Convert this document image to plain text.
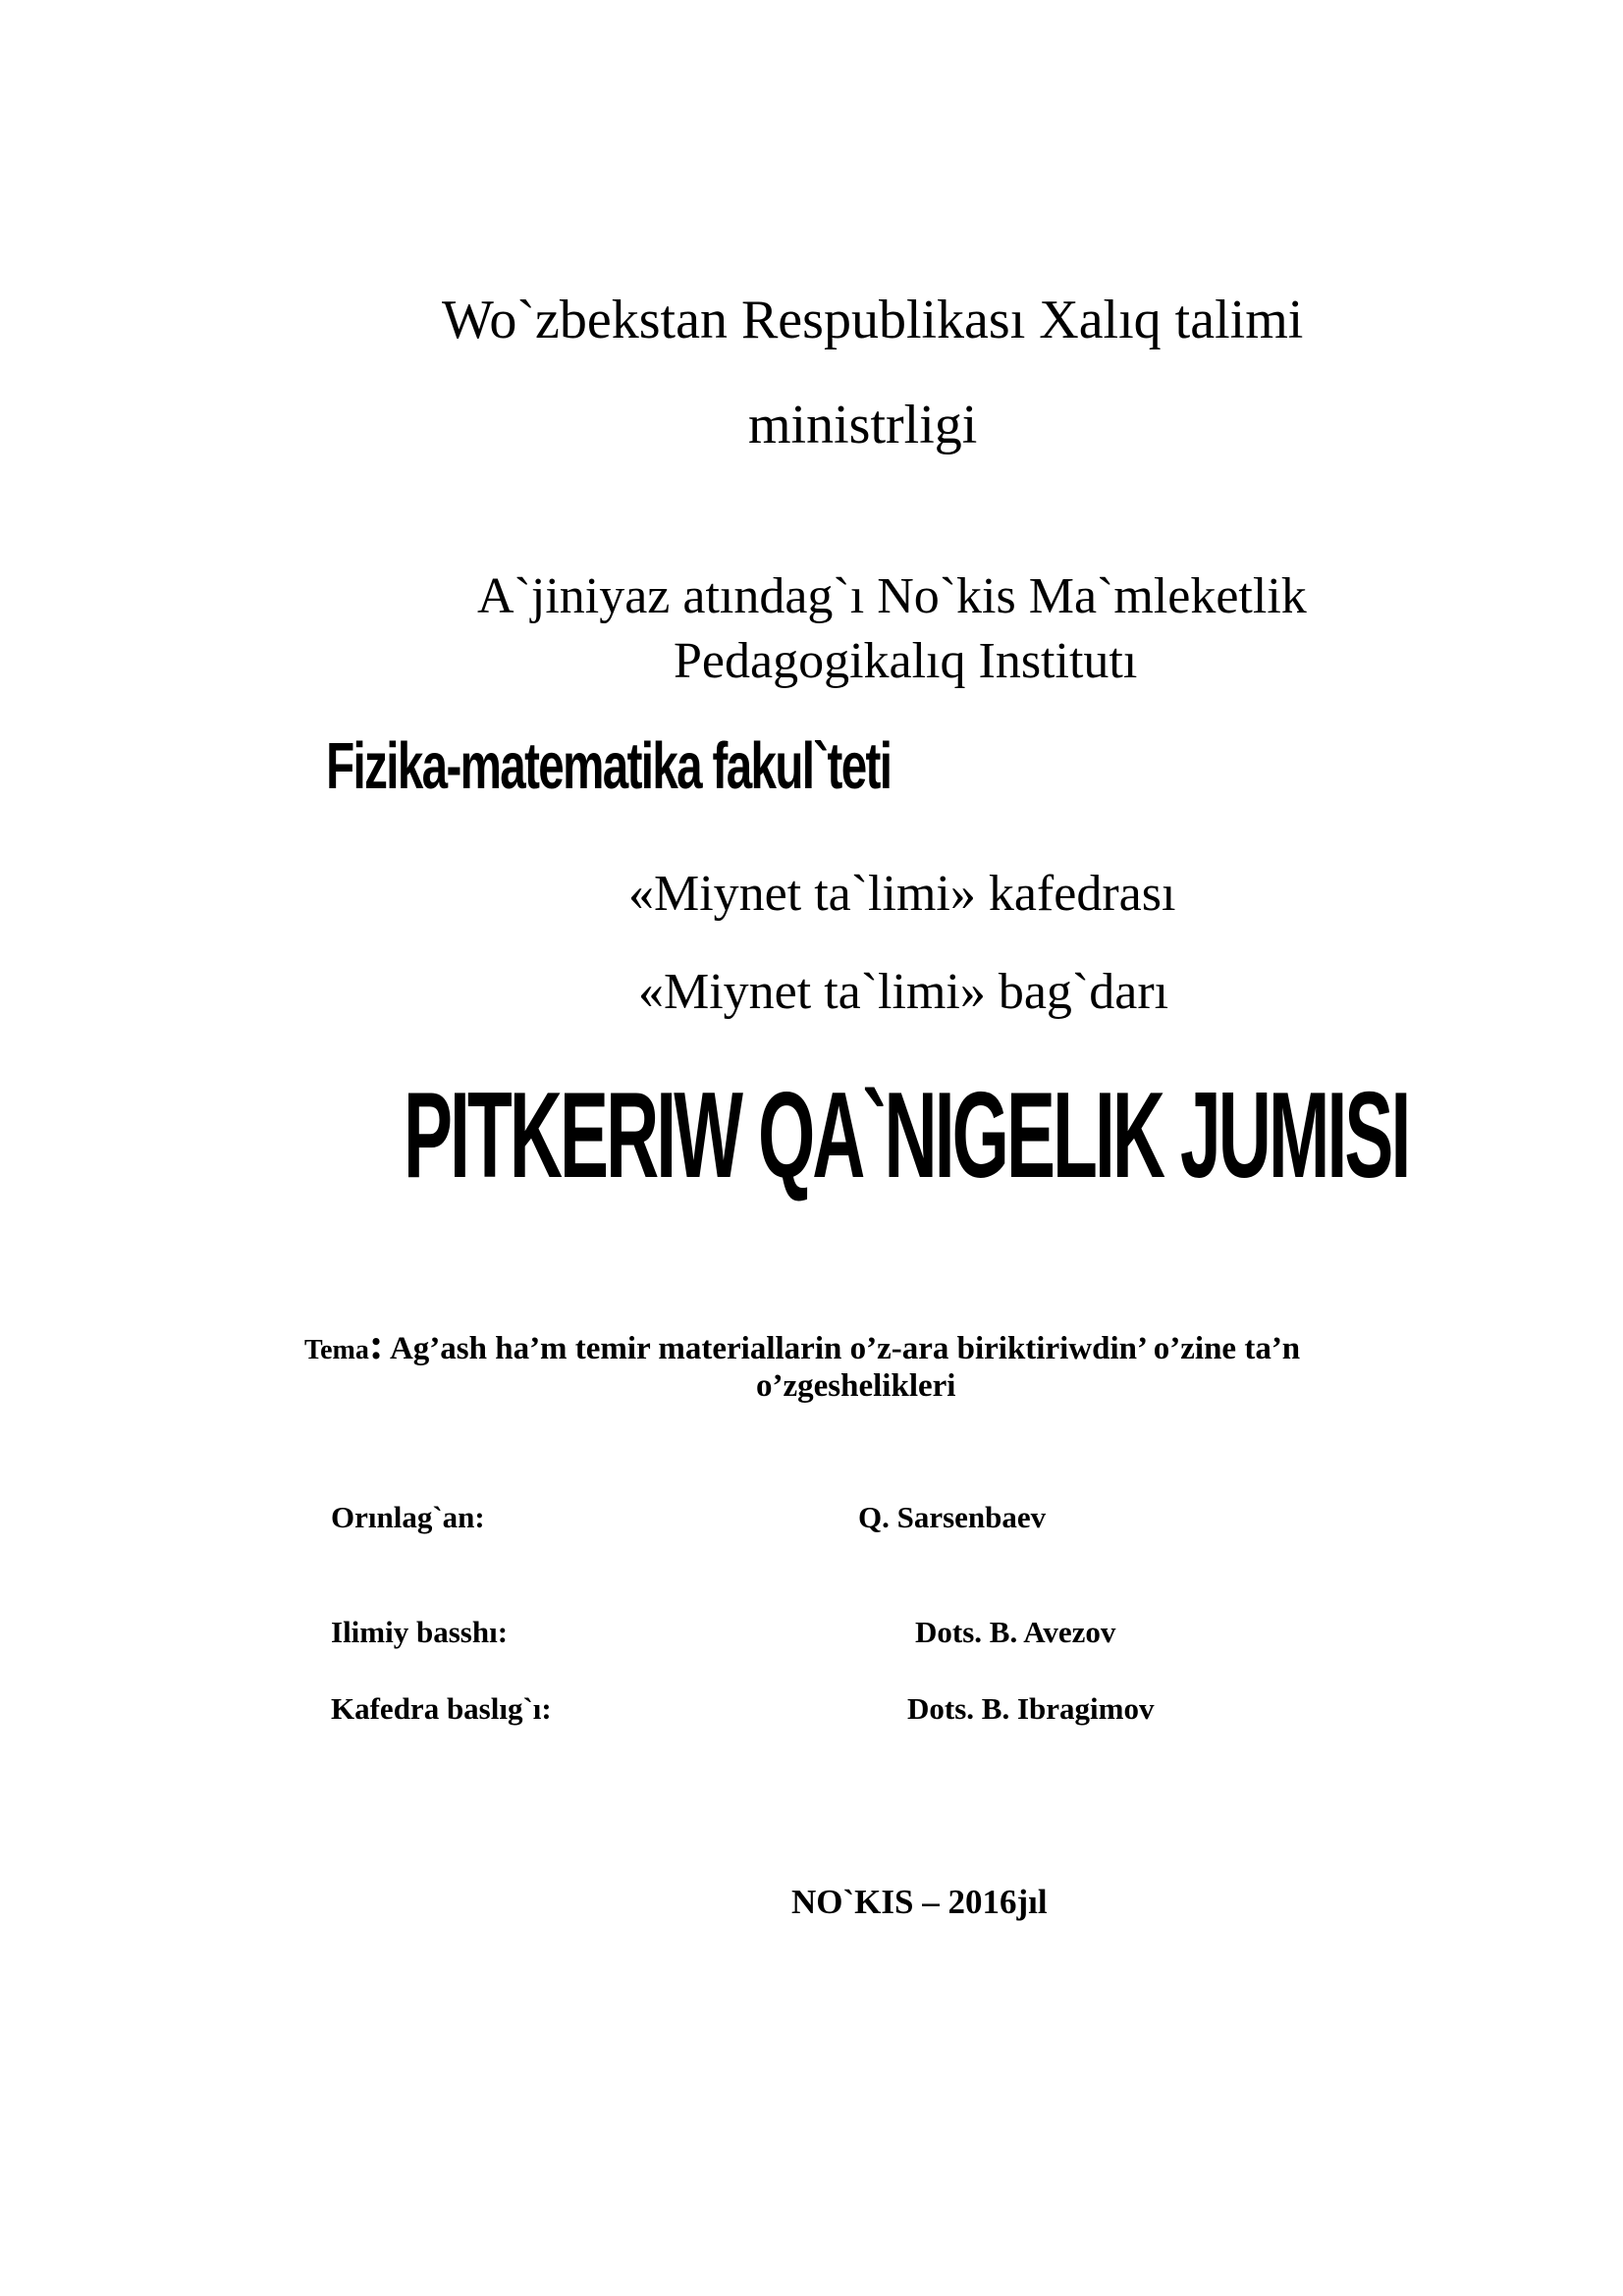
Wo`zbekstan Respublikası Xalıq talimi
ministrligi
A`jiniyaz atındag`ı No`kis Ma`mleketlik
Pedagogikalıq Institutı
Fizika-matematika fakul`teti
«Miynet ta`limi» kafedrası
«Miynet ta`limi» bag`darı
PITKERIW QA`NIGELIK JUMISI
Tema: Ag’ash ha’m temir materiallarin o’z-ara biriktiriwdin’ o’zine ta’n
o’zgeshelikleri
Orınlag`an:	Q. Sarsenbaev
Ilimiy basshı:	Dots. B. Avezov
Kafedra baslıg`ı:	Dots. B. Ibragimov
NO`KIS – 2016jıl
